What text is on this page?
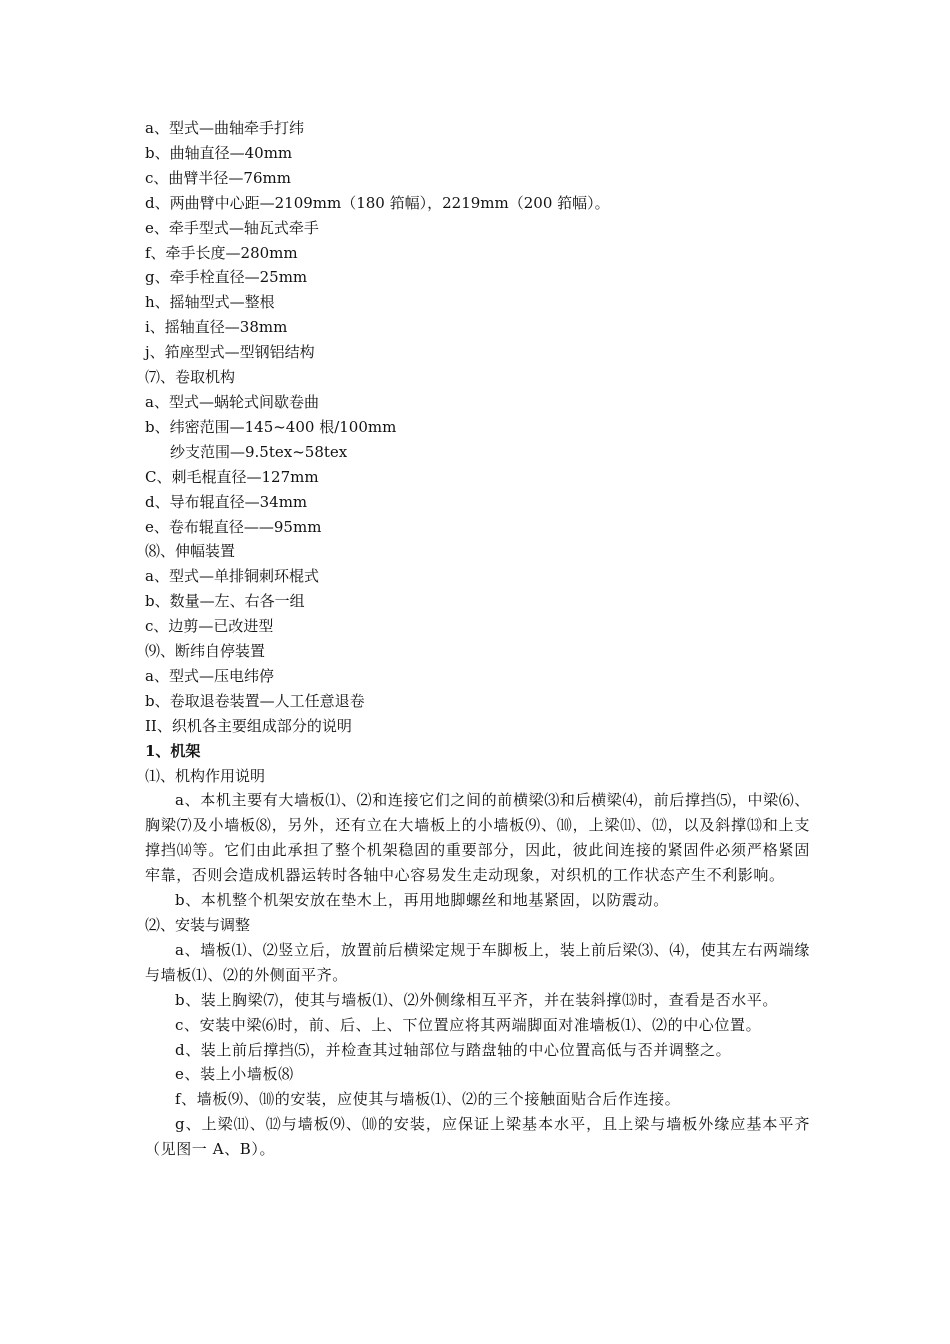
a、型式—曲轴牵手打纬

b、曲轴直径—40mm

c、曲臂半径—76mm

d、两曲臂中心距—2109mm（180 筘幅），2219mm（200 筘幅）。

e、牵手型式—轴瓦式牵手

f、牵手长度—280mm

g、牵手栓直径—25mm

h、摇轴型式—整根

i、摇轴直径—38mm

j、筘座型式—型钢铝结构

⑺、卷取机构

a、型式—蜗轮式间歇卷曲

b、纬密范围—145~400 根/100mm

纱支范围—9.5tex~58tex

C、刺毛棍直径—127mm

d、导布辊直径—34mm

e、卷布辊直径——95mm

⑻、伸幅装置

a、型式—单排铜刺环棍式

b、数量—左、右各一组

c、边剪—已改进型

⑼、断纬自停装置

a、型式—压电纬停

b、卷取退卷装置—人工任意退卷

II、织机各主要组成部分的说明

1、机架

⑴、机构作用说明

a、本机主要有大墙板⑴、⑵和连接它们之间的前横梁⑶和后横梁⑷，前后撑挡⑸，中梁⑹、胸梁⑺及小墙板⑻，另外，还有立在大墙板上的小墙板⑼、⑽，上梁⑾、⑿，以及斜撑⒀和上支撑挡⒁等。它们由此承担了整个机架稳固的重要部分，因此，彼此间连接的紧固件必须严格紧固牢靠，否则会造成机器运转时各轴中心容易发生走动现象，对织机的工作状态产生不利影响。

b、本机整个机架安放在垫木上，再用地脚螺丝和地基紧固，以防震动。

⑵、安装与调整

a、墙板⑴、⑵竖立后，放置前后横梁定规于车脚板上，装上前后梁⑶、⑷，使其左右两端缘与墙板⑴、⑵的外侧面平齐。

b、装上胸梁⑺，使其与墙板⑴、⑵外侧缘相互平齐，并在装斜撑⒀时，查看是否水平。

c、安装中梁⑹时，前、后、上、下位置应将其两端脚面对准墙板⑴、⑵的中心位置。

d、装上前后撑挡⑸，并检查其过轴部位与踏盘轴的中心位置高低与否并调整之。

e、装上小墙板⑻

f、墙板⑼、⑽的安装，应使其与墙板⑴、⑵的三个接触面贴合后作连接。

g、上梁⑾、⑿与墙板⑼、⑽的安装，应保证上梁基本水平，且上梁与墙板外缘应基本平齐（见图一 A、B）。
